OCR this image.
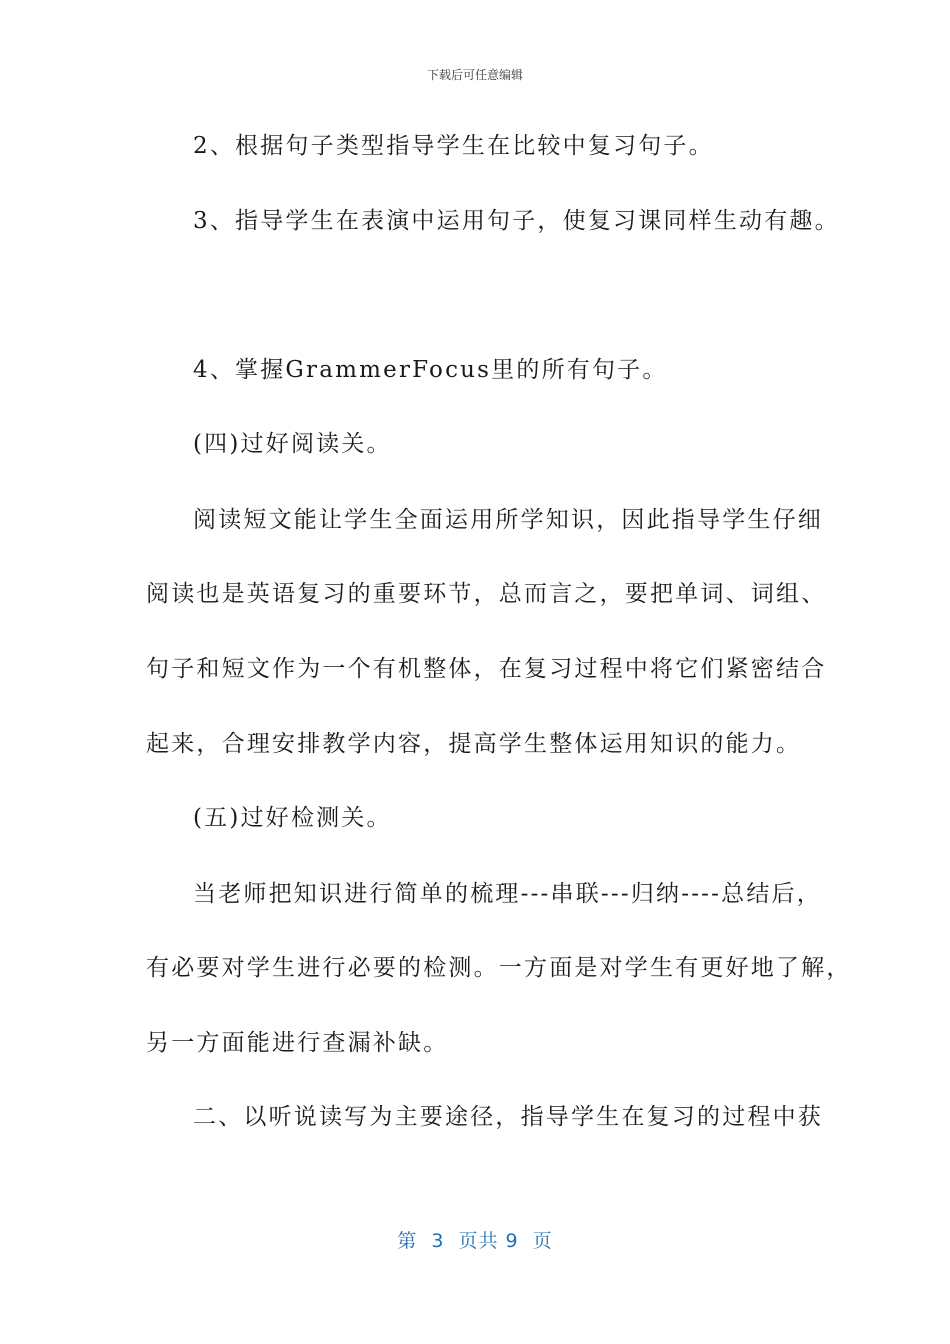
下载后可任意编辑
2、根据句子类型指导学生在比较中复习句子。
3、指导学生在表演中运用句子，使复习课同样生动有趣。
4、掌握GrammerFocus里的所有句子。
(四)过好阅读关。
阅读短文能让学生全面运用所学知识，因此指导学生仔细
阅读也是英语复习的重要环节，总而言之，要把单词、词组、
句子和短文作为一个有机整体，在复习过程中将它们紧密结合
起来，合理安排教学内容，提高学生整体运用知识的能力。
(五)过好检测关。
当老师把知识进行简单的梳理---串联---归纳----总结后，
有必要对学生进行必要的检测。一方面是对学生有更好地了解，
另一方面能进行查漏补缺。
二、以听说读写为主要途径，指导学生在复习的过程中获
第  3  页共 9  页
